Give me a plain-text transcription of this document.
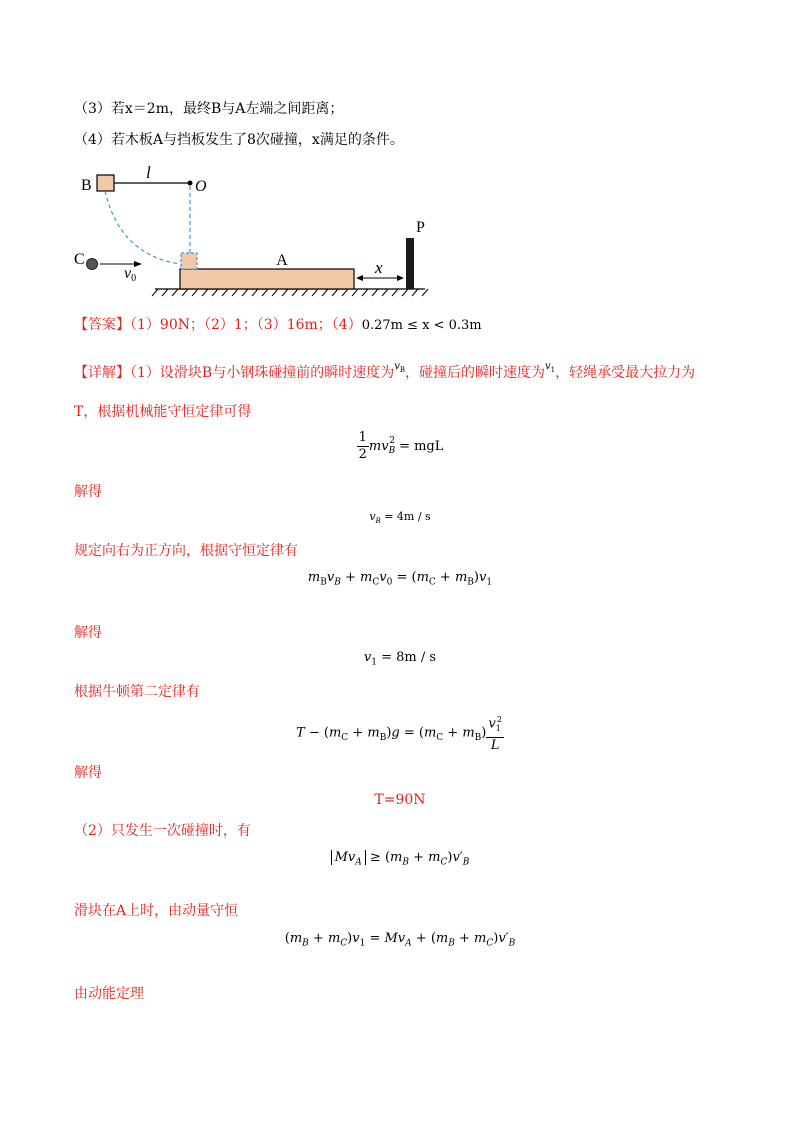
（3）若x＝2m，最终B与A左端之间距离；
（4）若木板A与挡板发生了8次碰撞，x满足的条件。
A
P
x
O
l
B
C
v0
【答案】（1）90N；（2）1；（3）16m；（4）0.27m ≤ x < 0.3m
【详解】（1）设滑块B与小钢珠碰撞前的瞬时速度为$^{v_B}$，碰撞后的瞬时速度为$^{v_1}$，轻绳承受最大拉力为
T，根据机械能守恒定律可得
$\frac{1}{2} mv_B^2$ = mgL
解得
$v_B = 4m / s$
规定向右为正方向，根据守恒定律有
$m_Bv_B + m_Cv_0 = (m_C + m_B)v_1$
解得
$v_1 = 8m / s$
根据牛顿第二定律有
$T - (m_C + m_B)g = (m_C + m_B) \frac{v_1^2}{L}$
解得
T=90N
（2）只发生一次碰撞时，有
$Mv_A \ge (m_B + m_C)v'_B$
滑块在A上时，由动量守恒
$(m_B + m_C)v_1 = Mv_A + (m_B + m_C)v'_B$
由动能定理
